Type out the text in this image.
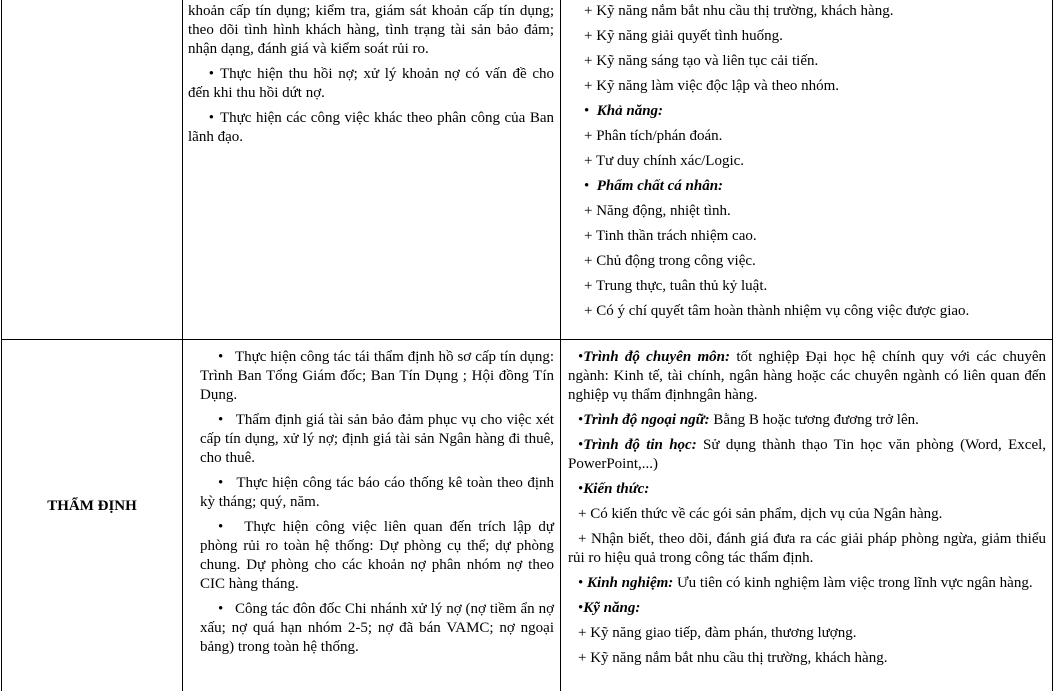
khoản cấp tín dụng; kiểm tra, giám sát khoản cấp tín dụng; theo dõi tình hình khách hàng, tình trạng tài sản bảo đảm; nhận dạng, đánh giá và kiểm soát rủi ro.

• Thực hiện thu hồi nợ; xử lý khoản nợ có vấn đề cho đến khi thu hồi dứt nợ.

• Thực hiện các công việc khác theo phân công của Ban lãnh đạo.

+ Kỹ năng nắm bắt nhu cầu thị trường, khách hàng.

+ Kỹ năng giải quyết tình huống.

+ Kỹ năng sáng tạo và liên tục cải tiến.

+ Kỹ năng làm việc độc lập và theo nhóm.

• Khả năng:

+ Phân tích/phán đoán.

+ Tư duy chính xác/Logic.

• Phẩm chất cá nhân:

+ Năng động, nhiệt tình.

+ Tinh thần trách nhiệm cao.

+ Chủ động trong công việc.

+ Trung thực, tuân thủ kỷ luật.

+ Có ý chí quyết tâm hoàn thành nhiệm vụ công việc được giao.

THẨM ĐỊNH

• Thực hiện công tác tái thẩm định hồ sơ cấp tín dụng: Trình Ban Tổng Giám đốc; Ban Tín Dụng ; Hội đồng Tín Dụng.

• Thẩm định giá tài sản bảo đảm phục vụ cho việc xét cấp tín dụng, xử lý nợ; định giá tài sản Ngân hàng đi thuê, cho thuê.

• Thực hiện công tác báo cáo thống kê toàn theo định kỳ tháng; quý, năm.

• Thực hiện công việc liên quan đến trích lập dự phòng rủi ro toàn hệ thống: Dự phòng cụ thể; dự phòng chung. Dự phòng cho các khoản nợ phân nhóm nợ theo CIC hàng tháng.

• Công tác đôn đốc Chi nhánh xử lý nợ (nợ tiềm ẩn nợ xấu; nợ quá hạn nhóm 2-5; nợ đã bán VAMC; nợ ngoại bảng) trong toàn hệ thống.

•Trình độ chuyên môn: tốt nghiệp Đại học hệ chính quy với các chuyên ngành: Kinh tế, tài chính, ngân hàng hoặc các chuyên ngành có liên quan đến nghiệp vụ thẩm địnhngân hàng.

•Trình độ ngoại ngữ: Bằng B hoặc tương đương trở lên.

•Trình độ tin học: Sử dụng thành thạo Tin học văn phòng (Word, Excel, PowerPoint,...)

•Kiến thức:

+ Có kiến thức về các gói sản phẩm, dịch vụ của Ngân hàng.

+ Nhận biết, theo dõi, đánh giá đưa ra các giải pháp phòng ngừa, giảm thiểu rủi ro hiệu quả trong công tác thẩm định.

• Kinh nghiệm: Ưu tiên có kinh nghiệm làm việc trong lĩnh vực ngân hàng.

•Kỹ năng:

+ Kỹ năng giao tiếp, đàm phán, thương lượng.

+ Kỹ năng nắm bắt nhu cầu thị trường, khách hàng.
